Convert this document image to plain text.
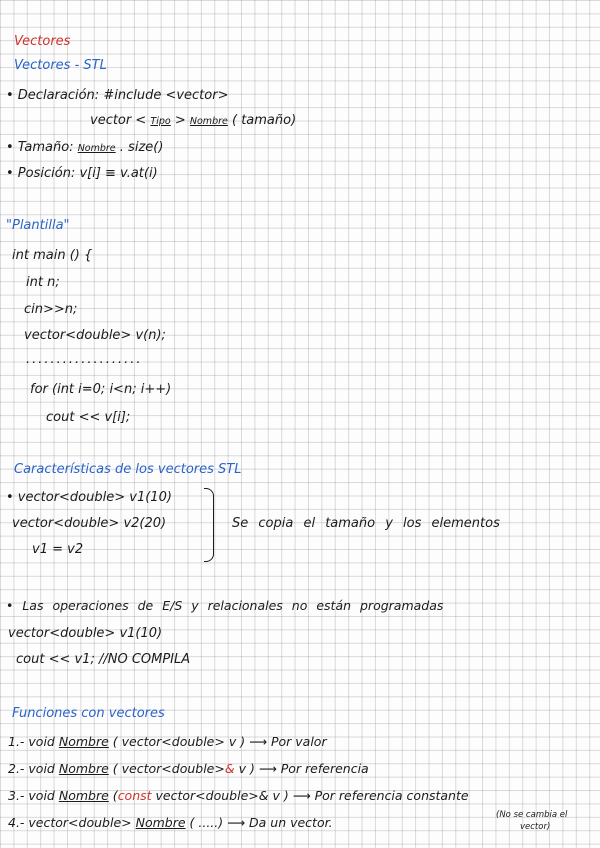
Vectores
Vectores - STL
• Declaración: #include <vector>
vector < Tipo > Nombre ( tamaño)
• Tamaño: Nombre . size()
• Posición: v[i] ≡ v.at(i)
"Plantilla"
int main () {
int n;
cin>>n;
vector<double> v(n);
...................
for (int i=0; i<n; i++)
cout << v[i];
Características de los vectores STL
• vector<double> v1(10)
vector<double> v2(20)
v1 = v2
Se copia el tamaño y los elementos
• Las operaciones de E/S y relacionales no están programadas
vector<double> v1(10)
cout << v1; //NO COMPILA
Funciones con vectores
1.- void Nombre ( vector<double> v ) ⟶ Por valor
2.- void Nombre ( vector<double>& v ) ⟶ Por referencia
3.- void Nombre (const vector<double>& v ) ⟶ Por referencia constante
4.- vector<double> Nombre ( .....) ⟶ Da un vector.	(No se cambia el
vector)
